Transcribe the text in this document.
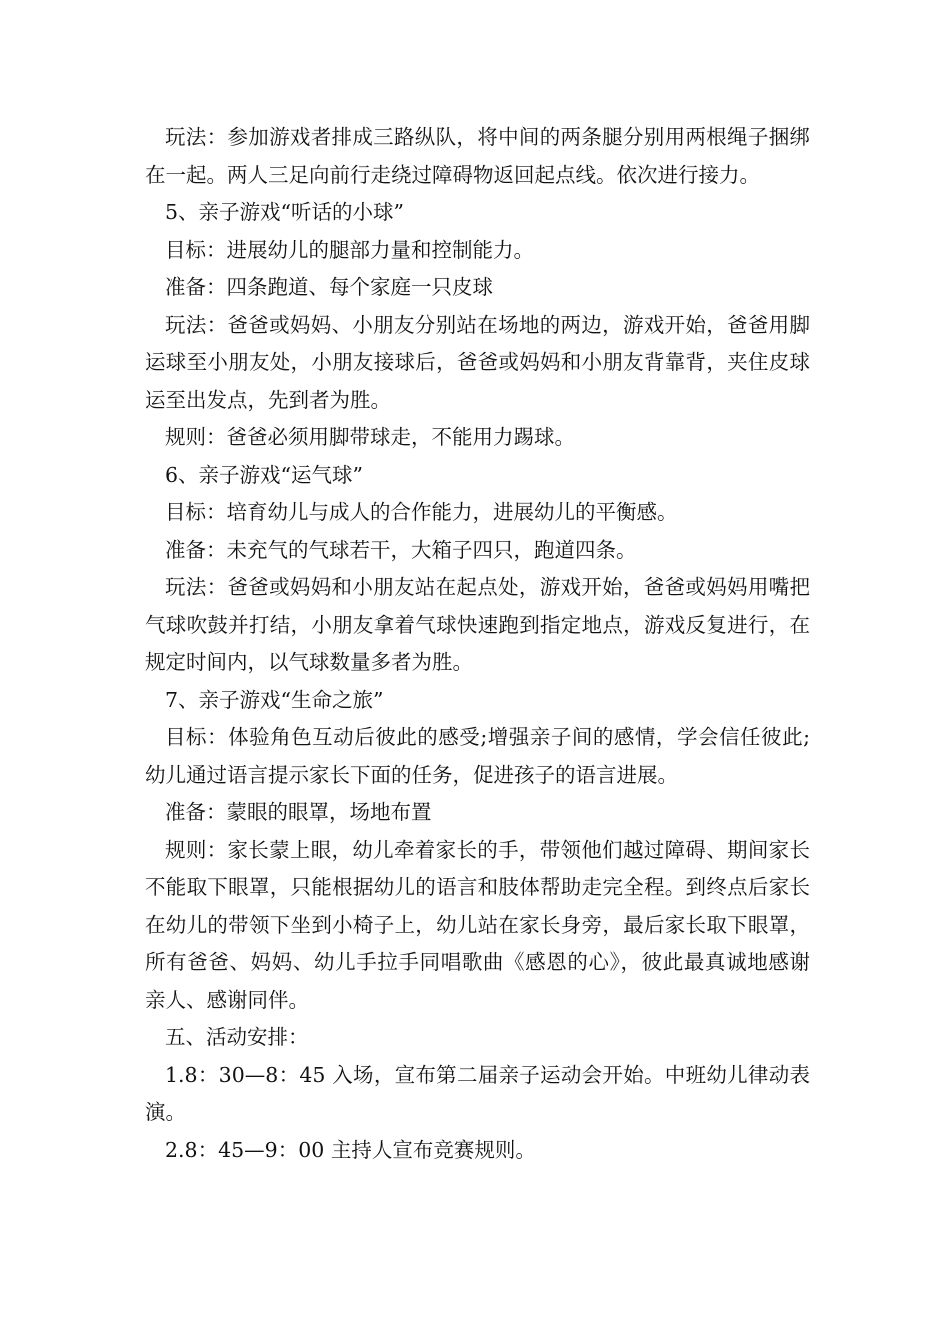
玩法：参加游戏者排成三路纵队，将中间的两条腿分别用两根绳子捆绑在一起。两人三足向前行走绕过障碍物返回起点线。依次进行接力。

5、亲子游戏“听话的小球”

目标：进展幼儿的腿部力量和控制能力。

准备：四条跑道、每个家庭一只皮球

玩法：爸爸或妈妈、小朋友分别站在场地的两边，游戏开始，爸爸用脚运球至小朋友处，小朋友接球后，爸爸或妈妈和小朋友背靠背，夹住皮球运至出发点，先到者为胜。

规则：爸爸必须用脚带球走，不能用力踢球。

6、亲子游戏“运气球”

目标：培育幼儿与成人的合作能力，进展幼儿的平衡感。

准备：未充气的气球若干，大箱子四只，跑道四条。

玩法：爸爸或妈妈和小朋友站在起点处，游戏开始，爸爸或妈妈用嘴把气球吹鼓并打结，小朋友拿着气球快速跑到指定地点，游戏反复进行，在规定时间内，以气球数量多者为胜。

7、亲子游戏“生命之旅”

目标：体验角色互动后彼此的感受;增强亲子间的感情，学会信任彼此;幼儿通过语言提示家长下面的任务，促进孩子的语言进展。

准备：蒙眼的眼罩，场地布置

规则：家长蒙上眼，幼儿牵着家长的手，带领他们越过障碍、期间家长不能取下眼罩，只能根据幼儿的语言和肢体帮助走完全程。到终点后家长在幼儿的带领下坐到小椅子上，幼儿站在家长身旁，最后家长取下眼罩，所有爸爸、妈妈、幼儿手拉手同唱歌曲《感恩的心》，彼此最真诚地感谢亲人、感谢同伴。

五、活动安排：

1.8：30—8：45 入场，宣布第二届亲子运动会开始。中班幼儿律动表演。

2.8：45—9：00 主持人宣布竞赛规则。
